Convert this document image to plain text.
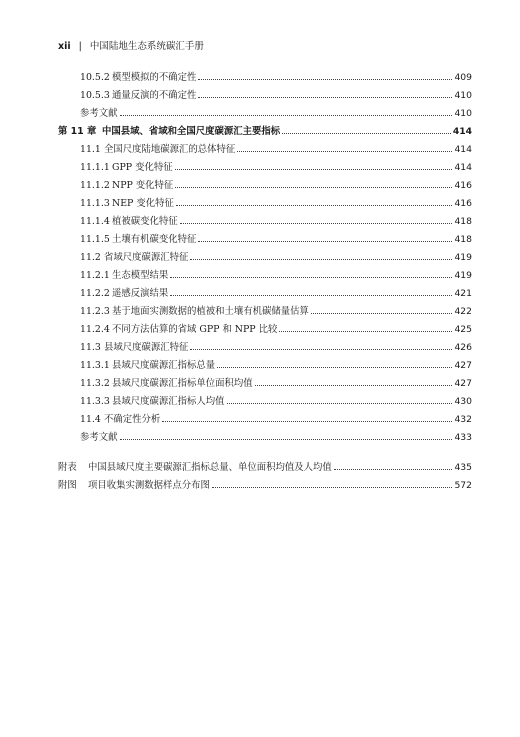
xii | 中国陆地生态系统碳汇手册
10.5.2 模型模拟的不确定性	409
10.5.3 通量反演的不确定性	410
参考文献	410
第 11 章 中国县域、省域和全国尺度碳源汇主要指标	414
11.1 全国尺度陆地碳源汇的总体特征	414
11.1.1 GPP 变化特征	414
11.1.2 NPP 变化特征	416
11.1.3 NEP 变化特征	416
11.1.4 植被碳变化特征	418
11.1.5 土壤有机碳变化特征	418
11.2 省域尺度碳源汇特征	419
11.2.1 生态模型结果	419
11.2.2 遥感反演结果	421
11.2.3 基于地面实测数据的植被和土壤有机碳储量估算	422
11.2.4 不同方法估算的省域 GPP 和 NPP 比较	425
11.3 县域尺度碳源汇特征	426
11.3.1 县域尺度碳源汇指标总量	427
11.3.2 县域尺度碳源汇指标单位面积均值	427
11.3.3 县域尺度碳源汇指标人均值	430
11.4 不确定性分析	432
参考文献	433
附表	中国县域尺度主要碳源汇指标总量、单位面积均值及人均值	435
附图	项目收集实测数据样点分布图	572
